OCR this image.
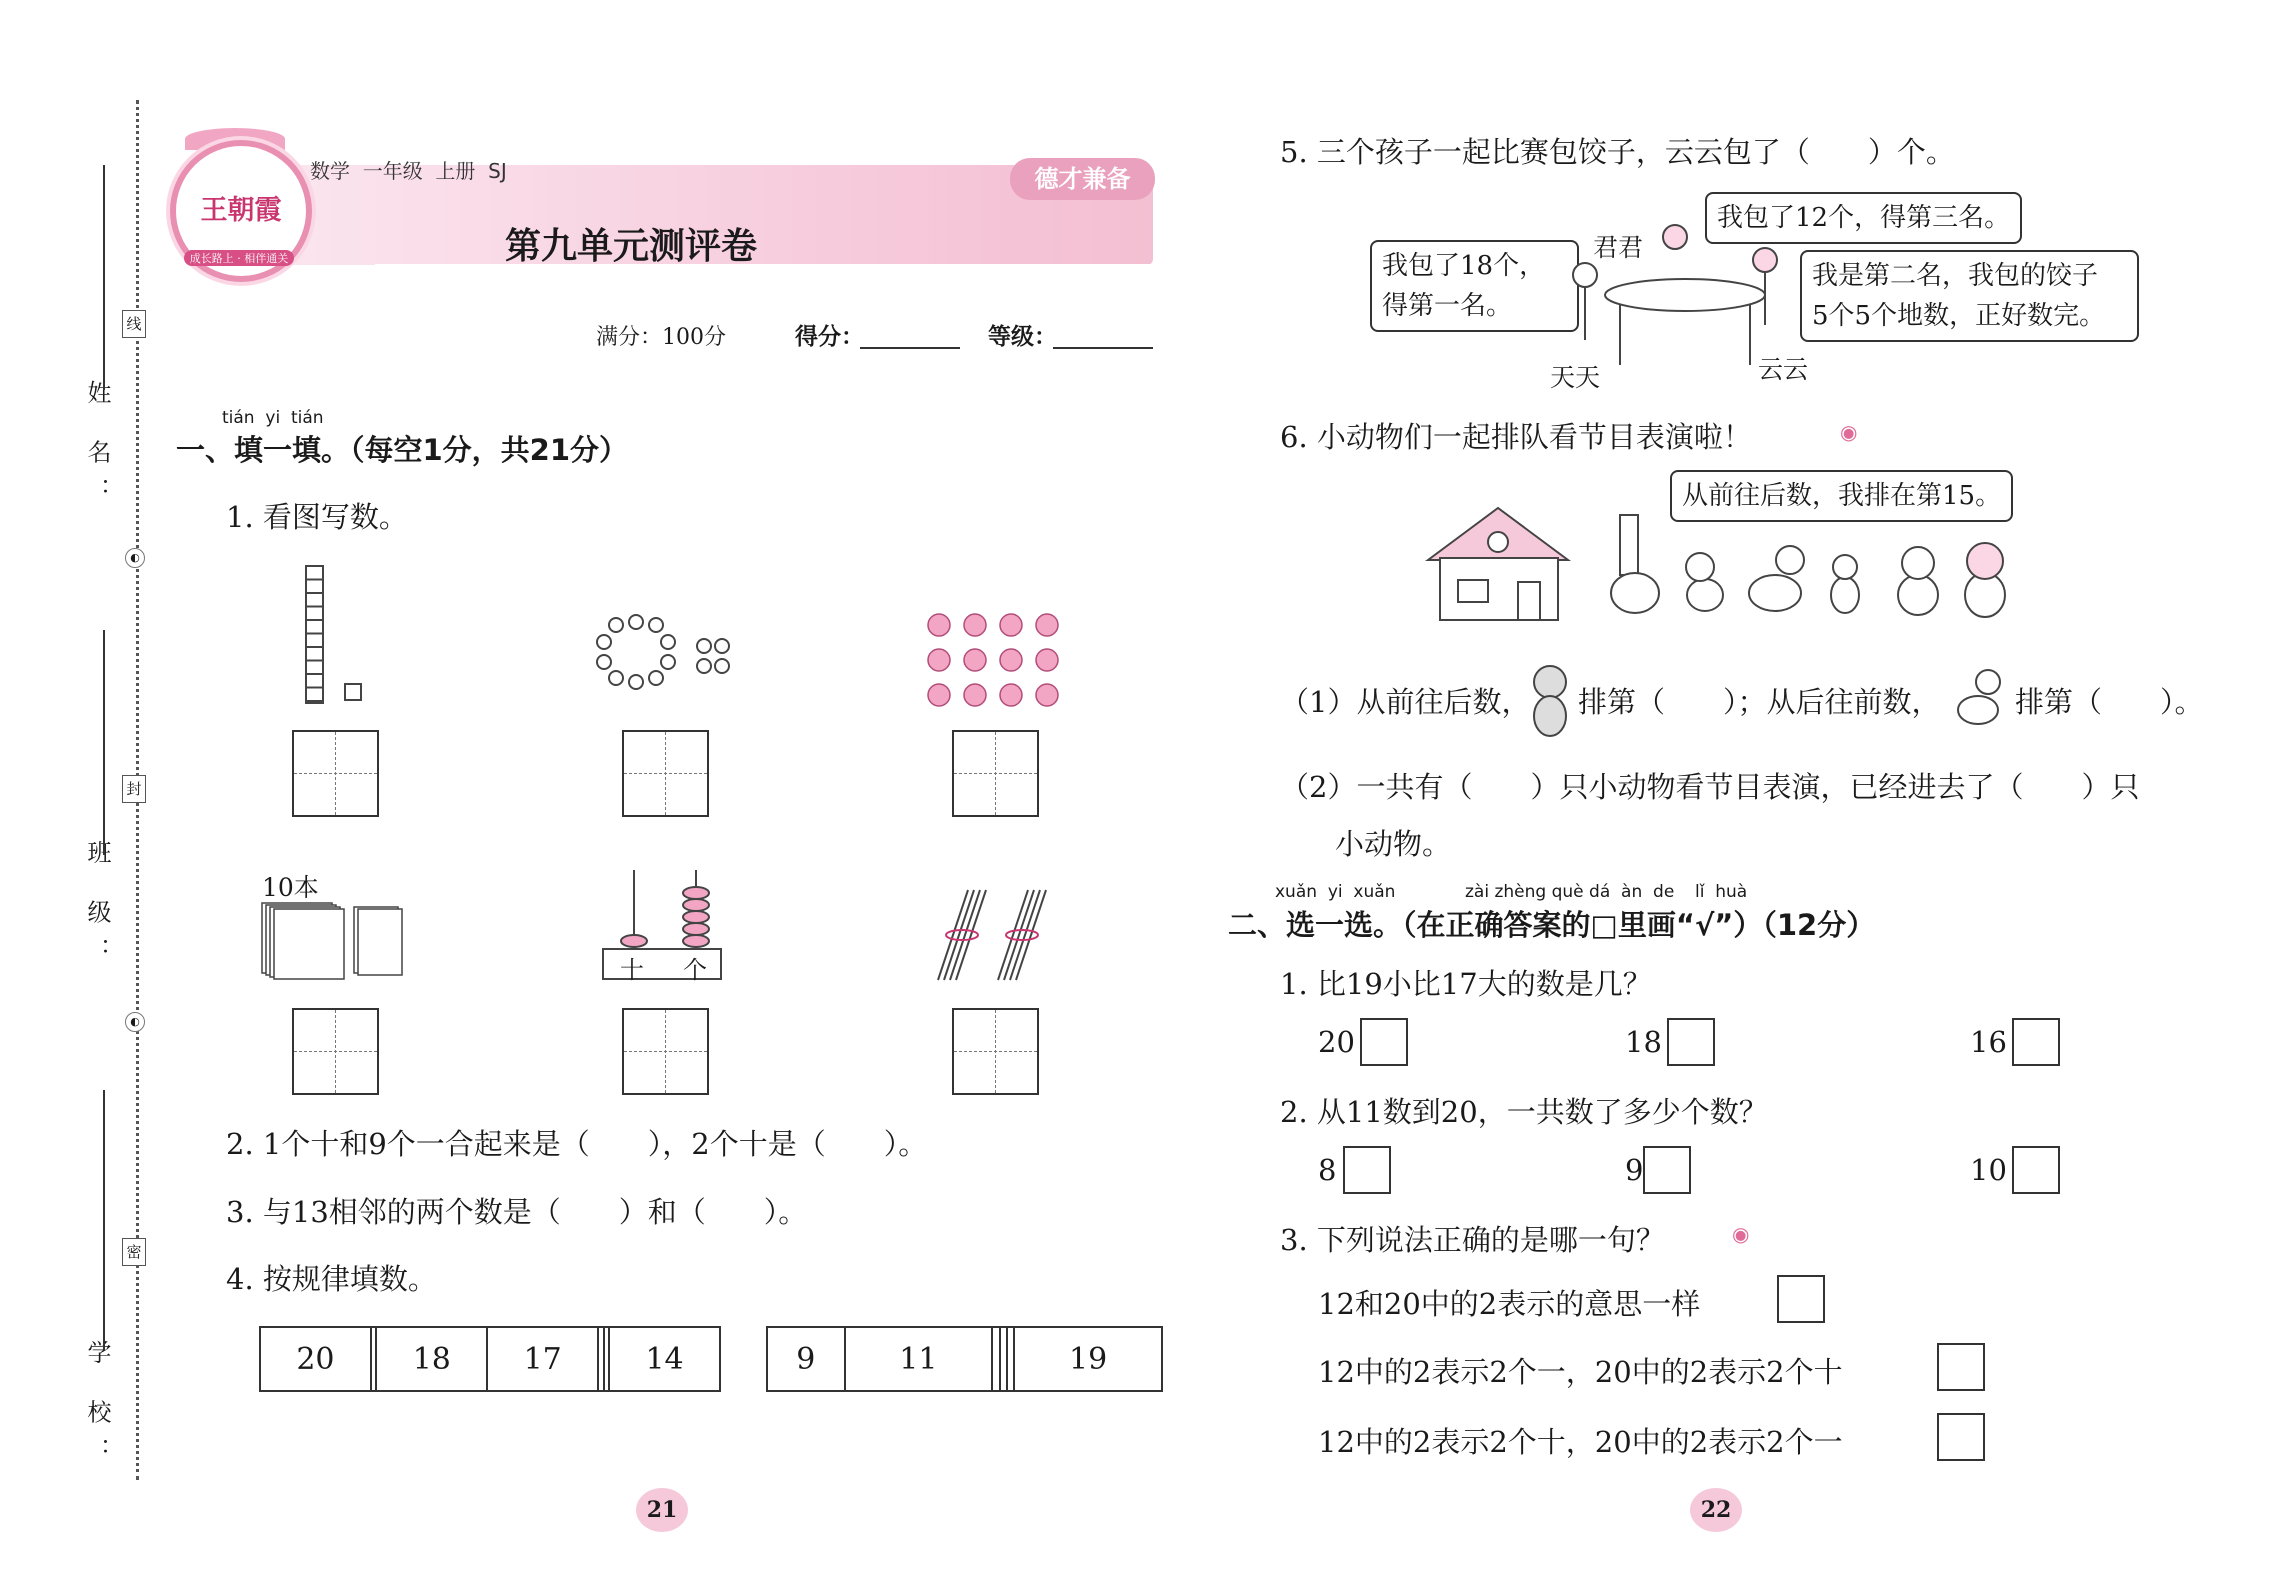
姓 名：
班 级：
学 校：
线
封
密
◐
◐
王朝霞
成长路上 · 相伴通关
德才兼备
数学  一年级  上册  SJ
第九单元测评卷
满分：100分	得分：	等级：
tián  yi  tián
一、填一填。（每空1分，共21分）
1. 看图写数。
10本
十 个
2. 1个十和9个一合起来是（　　），2个十是（　　）。
3. 与13相邻的两个数是（　　）和（　　）。
4. 按规律填数。
20		18	17			14	9	11				19
21
5. 三个孩子一起比赛包饺子，云云包了（　　）个。
我包了12个，得第三名。
我包了18个，
得第一名。
我是第二名，我包的饺子
5个5个地数，正好数完。
君君
天天	云云
6. 小动物们一起排队看节目表演啦！	◉
从前往后数，我排在第15。
（1）从前往后数， 排第（　　）；从后往前数，	排第（　　）。
（2）一共有（　　）只小动物看节目表演，已经进去了（　　）只
小动物。
xuǎn  yi  xuǎn	zài zhèng què dá  àn  de lǐ  huà
二、选一选。（在正确答案的□里画“√”）（12分）
1. 比19小比17大的数是几？
20	18	16
2. 从11数到20，一共数了多少个数？
8	9	10
3. 下列说法正确的是哪一句？	◉
12和20中的2表示的意思一样
12中的2表示2个一，20中的2表示2个十
12中的2表示2个十，20中的2表示2个一
22
